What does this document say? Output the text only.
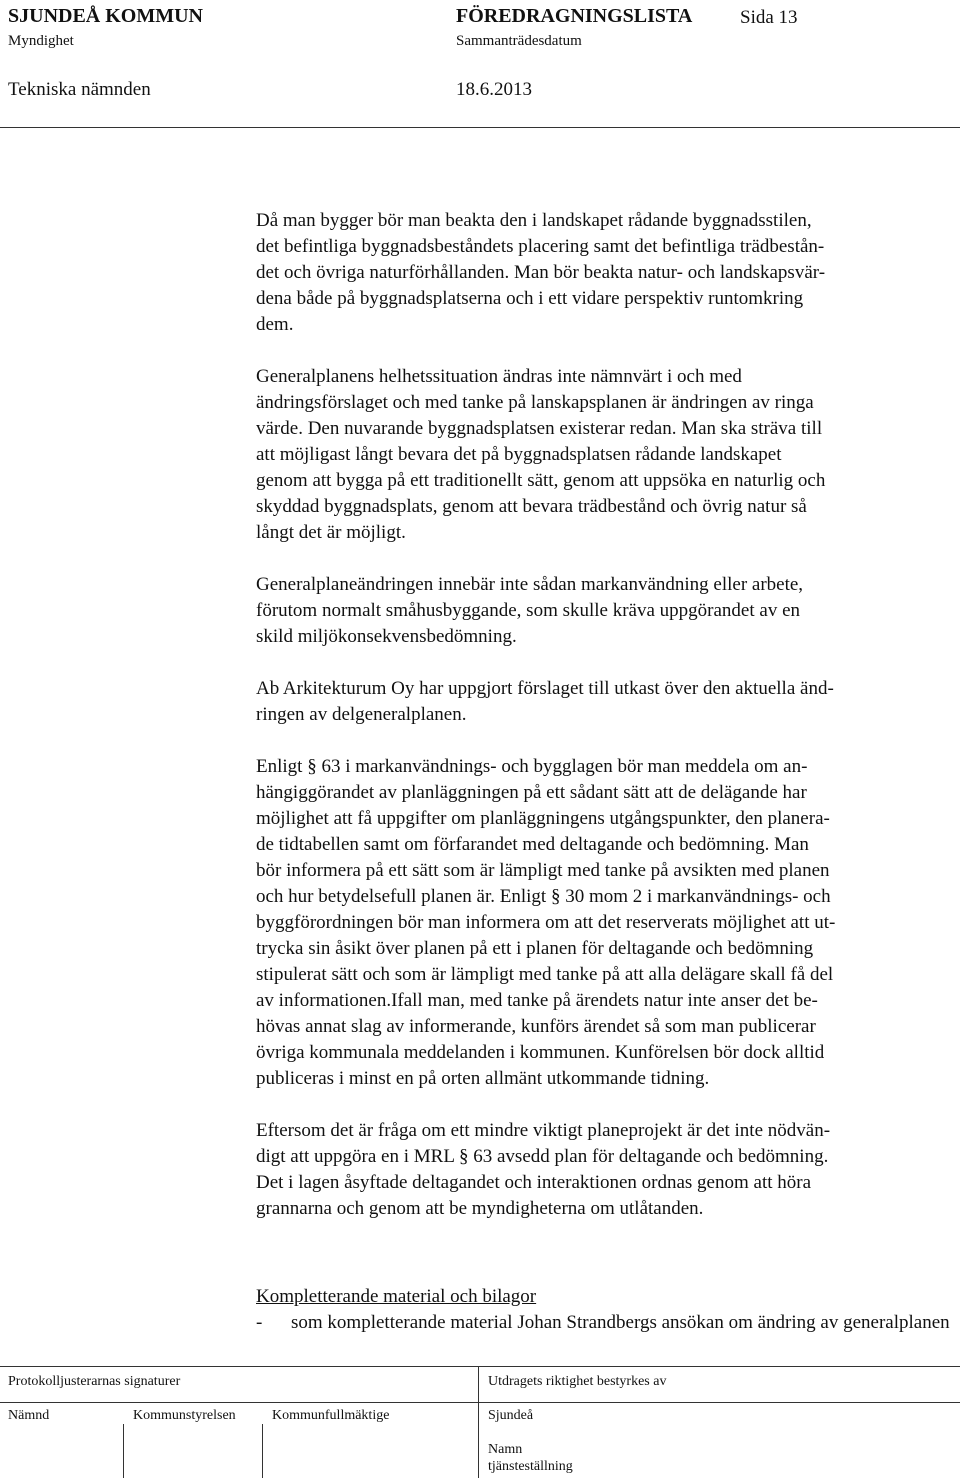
SJUNDEÅ KOMMUN	FÖREDRAGNINGSLISTA	Sida 13
Myndighet	Sammanträdesdatum
Tekniska nämnden	18.6.2013

Då man bygger bör man beakta den i landskapet rådande byggnadsstilen,
det befintliga byggnadsbeståndets placering samt det befintliga trädbestån-
det och övriga naturförhållanden. Man bör beakta natur- och landskapsvär-
dena både på byggnadsplatserna och i ett vidare perspektiv runtomkring
dem.

Generalplanens helhetssituation ändras inte nämnvärt i och med
ändringsförslaget och med tanke på lanskapsplanen är ändringen av ringa
värde. Den nuvarande byggnadsplatsen existerar redan. Man ska sträva till
att möjligast långt bevara det på byggnadsplatsen rådande landskapet
genom att bygga på ett traditionellt sätt, genom att uppsöka en naturlig och
skyddad byggnadsplats, genom att bevara trädbestånd och övrig natur så
långt det är möjligt.

Generalplaneändringen innebär inte sådan markanvändning eller arbete,
förutom normalt småhusbyggande, som skulle kräva uppgörandet av en
skild miljökonsekvensbedömning.

Ab Arkitekturum Oy har uppgjort förslaget till utkast över den aktuella änd-
ringen av delgeneralplanen.

Enligt § 63 i markanvändnings- och bygglagen bör man meddela om an-
hängiggörandet av planläggningen på ett sådant sätt att de delägande har
möjlighet att få uppgifter om planläggningens utgångspunkter, den planera-
de tidtabellen samt om förfarandet med deltagande och bedömning. Man
bör informera på ett sätt som är lämpligt med tanke på avsikten med planen
och hur betydelsefull planen är. Enligt § 30 mom 2 i markanvändnings- och
byggförordningen bör man informera om att det reserverats möjlighet att ut-
trycka sin åsikt över planen på ett i planen för deltagande och bedömning
stipulerat sätt och som är lämpligt med tanke på att alla delägare skall få del
av informationen.Ifall man, med tanke på ärendets natur inte anser det be-
hövas annat slag av informerande, kunförs ärendet så som man publicerar
övriga kommunala meddelanden i kommunen. Kunförelsen bör dock alltid
publiceras i minst en på orten allmänt utkommande tidning.

Eftersom det är fråga om ett mindre viktigt planeprojekt är det inte nödvän-
digt att uppgöra en i MRL § 63 avsedd plan för deltagande och bedömning.
Det i lagen åsyftade deltagandet och interaktionen ordnas genom att höra
grannarna och genom att be myndigheterna om utlåtanden.

Kompletterande material och bilagor
-	som kompletterande material Johan Strandbergs ansökan om ändring av generalplanen
Protokolljusterarnas signaturer	Utdragets riktighet bestyrkes av
Nämnd	Kommunstyrelsen	Kommunfullmäktige	Sjundeå
Namn
tjänsteställning
